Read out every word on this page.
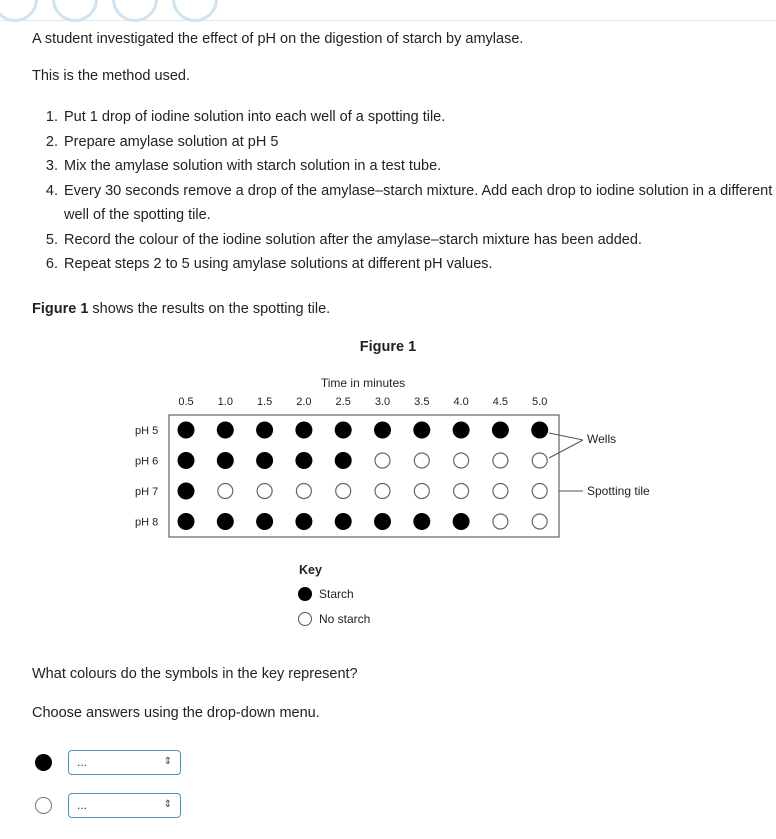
A student investigated the effect of pH on the digestion of starch by amylase.

This is the method used.

1. Put 1 drop of iodine solution into each well of a spotting tile.
2. Prepare amylase solution at pH 5
3. Mix the amylase solution with starch solution in a test tube.
4. Every 30 seconds remove a drop of the amylase–starch mixture. Add each drop to iodine solution in a different well of the spotting tile.
5. Record the colour of the iodine solution after the amylase–starch mixture has been added.
6. Repeat steps 2 to 5 using amylase solutions at different pH values.

Figure 1 shows the results on the spotting tile.

Figure 1
Time in minutes
0.5 1.0 1.5 2.0 2.5 3.0 3.5 4.0 4.5 5.0
pH 5
pH 6
pH 7
pH 8
Wells
Spotting tile
Key
Starch
No starch

What colours do the symbols in the key represent?

Choose answers using the drop-down menu.

...	⇕
...	⇕
